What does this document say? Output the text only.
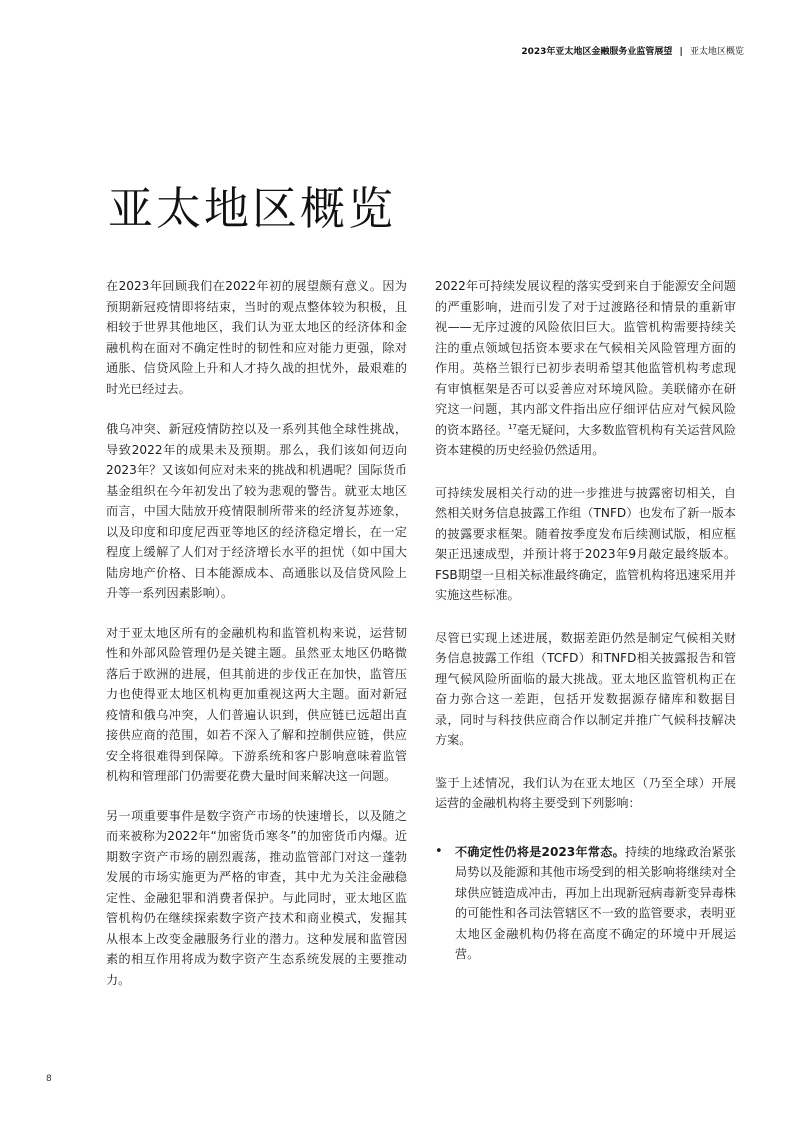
2023年亚太地区金融服务业监管展望 | 亚太地区概览
亚太地区概览

在2023年回顾我们在2022年初的展望颇有意义。因为预期新冠疫情即将结束，当时的观点整体较为积极，且相较于世界其他地区，我们认为亚太地区的经济体和金融机构在面对不确定性时的韧性和应对能力更强，除对通胀、信贷风险上升和人才持久战的担忧外，最艰难的时光已经过去。

俄乌冲突、新冠疫情防控以及一系列其他全球性挑战，导致2022年的成果未及预期。那么，我们该如何迈向2023年？又该如何应对未来的挑战和机遇呢？国际货币基金组织在今年初发出了较为悲观的警告。就亚太地区而言，中国大陆放开疫情限制所带来的经济复苏迹象，以及印度和印度尼西亚等地区的经济稳定增长，在一定程度上缓解了人们对于经济增长水平的担忧（如中国大陆房地产价格、日本能源成本、高通胀以及信贷风险上升等一系列因素影响）。

对于亚太地区所有的金融机构和监管机构来说，运营韧性和外部风险管理仍是关键主题。虽然亚太地区仍略微落后于欧洲的进展，但其前进的步伐正在加快，监管压力也使得亚太地区机构更加重视这两大主题。面对新冠疫情和俄乌冲突，人们普遍认识到，供应链已远超出直接供应商的范围，如若不深入了解和控制供应链，供应安全将很难得到保障。下游系统和客户影响意味着监管机构和管理部门仍需要花费大量时间来解决这一问题。

另一项重要事件是数字资产市场的快速增长，以及随之而来被称为2022年“加密货币寒冬”的加密货币内爆。近期数字资产市场的剧烈震荡，推动监管部门对这一蓬勃发展的市场实施更为严格的审查，其中尤为关注金融稳定性、金融犯罪和消费者保护。与此同时，亚太地区监管机构仍在继续探索数字资产技术和商业模式，发掘其从根本上改变金融服务行业的潜力。这种发展和监管因素的相互作用将成为数字资产生态系统发展的主要推动力。

2022年可持续发展议程的落实受到来自于能源安全问题的严重影响，进而引发了对于过渡路径和情景的重新审视——无序过渡的风险依旧巨大。监管机构需要持续关注的重点领域包括资本要求在气候相关风险管理方面的作用。英格兰银行已初步表明希望其他监管机构考虑现有审慎框架是否可以妥善应对环境风险。美联储亦在研究这一问题，其内部文件指出应仔细评估应对气候风险的资本路径。$^{17}$毫无疑问，大多数监管机构有关运营风险资本建模的历史经验仍然适用。

可持续发展相关行动的进一步推进与披露密切相关，自然相关财务信息披露工作组（TNFD）也发布了新一版本的披露要求框架。随着按季度发布后续测试版，相应框架正迅速成型，并预计将于2023年9月敲定最终版本。FSB期望一旦相关标准最终确定，监管机构将迅速采用并实施这些标准。

尽管已实现上述进展，数据差距仍然是制定气候相关财务信息披露工作组（TCFD）和TNFD相关披露报告和管理气候风险所面临的最大挑战。亚太地区监管机构正在奋力弥合这一差距，包括开发数据源存储库和数据目录，同时与科技供应商合作以制定并推广气候科技解决方案。

鉴于上述情况，我们认为在亚太地区（乃至全球）开展运营的金融机构将主要受到下列影响：

•	不确定性仍将是2023年常态。持续的地缘政治紧张局势以及能源和其他市场受到的相关影响将继续对全球供应链造成冲击，再加上出现新冠病毒新变异毒株的可能性和各司法管辖区不一致的监管要求，表明亚太地区金融机构仍将在高度不确定的环境中开展运营。
8
